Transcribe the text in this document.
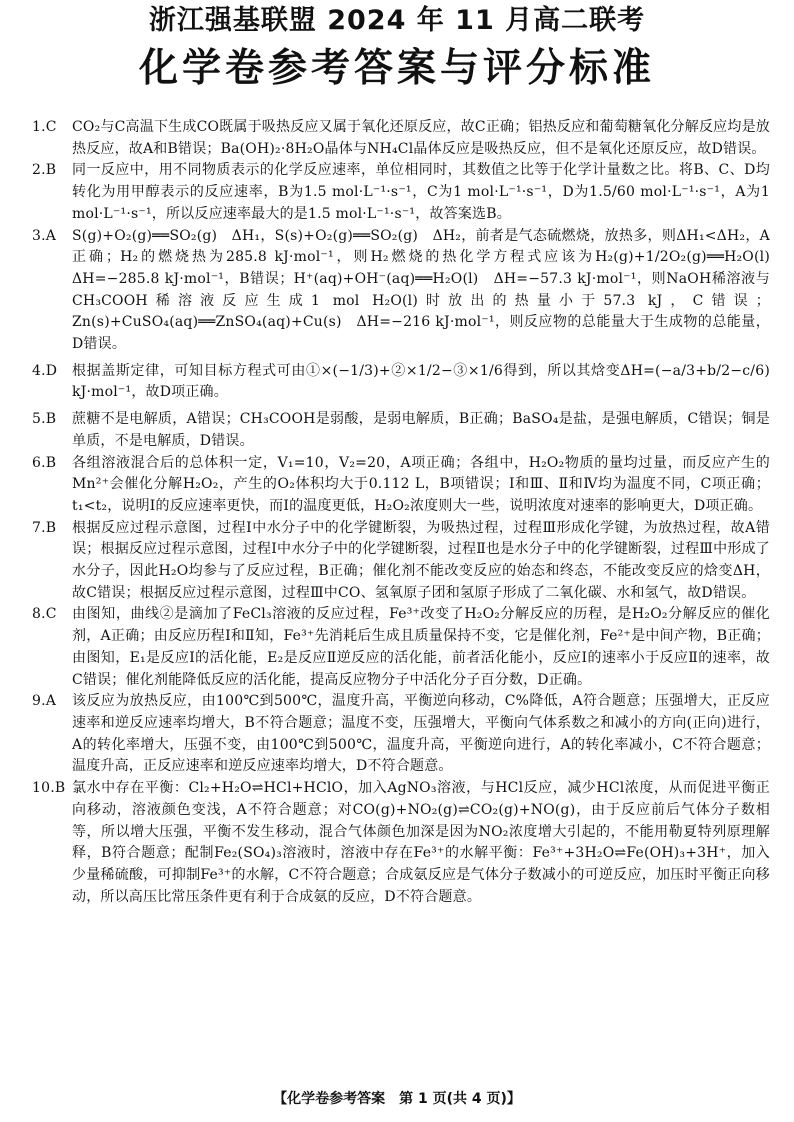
浙江强基联盟 2024 年 11 月高二联考
化学卷参考答案与评分标准
1.C	CO₂与C高温下生成CO既属于吸热反应又属于氧化还原反应，故C正确；铝热反应和葡萄糖氧化分解反应均是放热反应，故A和B错误；Ba(OH)₂·8H₂O晶体与NH₄Cl晶体反应是吸热反应，但不是氧化还原反应，故D错误。
2.B	同一反应中，用不同物质表示的化学反应速率，单位相同时，其数值之比等于化学计量数之比。将B、C、D均转化为用甲醇表示的反应速率，B为1.5 mol·L⁻¹·s⁻¹，C为1 mol·L⁻¹·s⁻¹，D为1.5/60 mol·L⁻¹·s⁻¹，A为1 mol·L⁻¹·s⁻¹，所以反应速率最大的是1.5 mol·L⁻¹·s⁻¹，故答案选B。
3.A	S(g)+O₂(g)══SO₂(g)　ΔH₁，S(s)+O₂(g)══SO₂(g)　ΔH₂，前者是气态硫燃烧，放热多，则ΔH₁<ΔH₂，A正确；H₂的燃烧热为285.8 kJ·mol⁻¹，则H₂燃烧的热化学方程式应该为H₂(g)+1/2O₂(g)══H₂O(l)　ΔH=−285.8 kJ·mol⁻¹，B错误；H⁺(aq)+OH⁻(aq)══H₂O(l)　ΔH=−57.3 kJ·mol⁻¹，则NaOH稀溶液与CH₃COOH稀溶液反应生成1 mol H₂O(l)时放出的热量小于57.3 kJ，C错误；Zn(s)+CuSO₄(aq)══ZnSO₄(aq)+Cu(s)　ΔH=−216 kJ·mol⁻¹，则反应物的总能量大于生成物的总能量，D错误。
4.D	根据盖斯定律，可知目标方程式可由①×(−1/3)+②×1/2−③×1/6得到，所以其焓变ΔH=(−a/3+b/2−c/6) kJ·mol⁻¹，故D项正确。
5.B	蔗糖不是电解质，A错误；CH₃COOH是弱酸，是弱电解质，B正确；BaSO₄是盐，是强电解质，C错误；铜是单质，不是电解质，D错误。
6.B	各组溶液混合后的总体积一定，V₁=10，V₂=20，A项正确；各组中，H₂O₂物质的量均过量，而反应产生的Mn²⁺会催化分解H₂O₂，产生的O₂体积均大于0.112 L，B项错误；Ⅰ和Ⅲ、Ⅱ和Ⅳ均为温度不同，C项正确；t₁<t₂，说明Ⅰ的反应速率更快，而Ⅰ的温度更低，H₂O₂浓度则大一些，说明浓度对速率的影响更大，D项正确。
7.B	根据反应过程示意图，过程Ⅰ中水分子中的化学键断裂，为吸热过程，过程Ⅲ形成化学键，为放热过程，故A错误；根据反应过程示意图，过程Ⅰ中水分子中的化学键断裂，过程Ⅱ也是水分子中的化学键断裂，过程Ⅲ中形成了水分子，因此H₂O均参与了反应过程，B正确；催化剂不能改变反应的始态和终态，不能改变反应的焓变ΔH，故C错误；根据反应过程示意图，过程Ⅲ中CO、氢氧原子团和氢原子形成了二氧化碳、水和氢气，故D错误。
8.C	由图知，曲线②是滴加了FeCl₃溶液的反应过程，Fe³⁺改变了H₂O₂分解反应的历程，是H₂O₂分解反应的催化剂，A正确；由反应历程Ⅰ和Ⅱ知，Fe³⁺先消耗后生成且质量保持不变，它是催化剂，Fe²⁺是中间产物，B正确；由图知，E₁是反应Ⅰ的活化能，E₂是反应Ⅱ逆反应的活化能，前者活化能小，反应Ⅰ的速率小于反应Ⅱ的速率，故C错误；催化剂能降低反应的活化能，提高反应物分子中活化分子百分数，D正确。
9.A	该反应为放热反应，由100℃到500℃，温度升高，平衡逆向移动，C%降低，A符合题意；压强增大，正反应速率和逆反应速率均增大，B不符合题意；温度不变，压强增大，平衡向气体系数之和减小的方向(正向)进行，A的转化率增大，压强不变，由100℃到500℃，温度升高，平衡逆向进行，A的转化率减小，C不符合题意；温度升高，正反应速率和逆反应速率均增大，D不符合题意。
10.B 氯水中存在平衡：Cl₂+H₂O⇌HCl+HClO，加入AgNO₃溶液，与HCl反应，减少HCl浓度，从而促进平衡正向移动，溶液颜色变浅，A不符合题意；对CO(g)+NO₂(g)⇌CO₂(g)+NO(g)，由于反应前后气体分子数相等，所以增大压强，平衡不发生移动，混合气体颜色加深是因为NO₂浓度增大引起的，不能用勒夏特列原理解释，B符合题意；配制Fe₂(SO₄)₃溶液时，溶液中存在Fe³⁺的水解平衡：Fe³⁺+3H₂O⇌Fe(OH)₃+3H⁺，加入少量稀硫酸，可抑制Fe³⁺的水解，C不符合题意；合成氨反应是气体分子数减小的可逆反应，加压时平衡正向移动，所以高压比常压条件更有利于合成氨的反应，D不符合题意。
【化学卷参考答案　第 1 页(共 4 页)】
